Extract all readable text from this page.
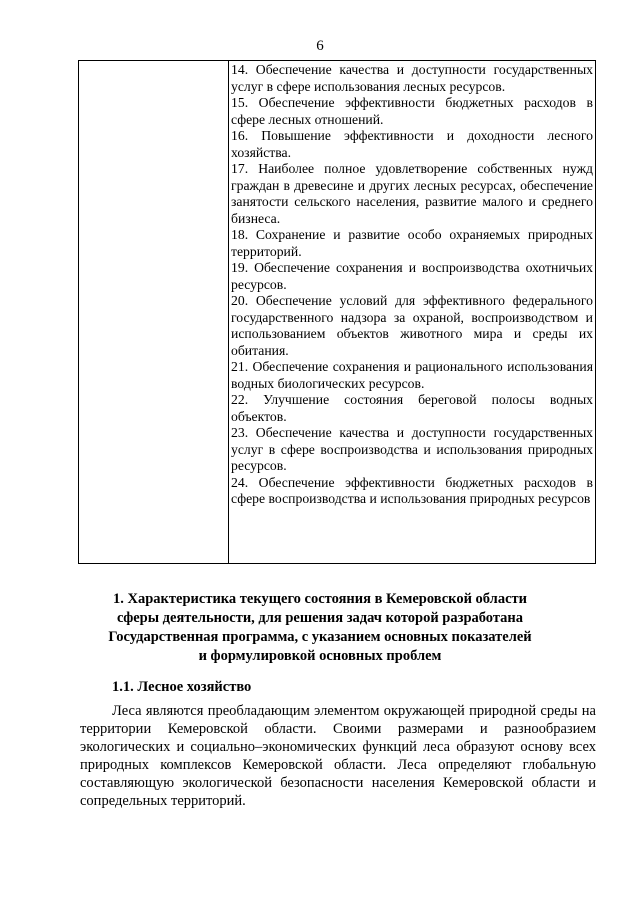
6

14. Обеспечение качества и доступности государственных услуг в сфере использования лесных ресурсов.

15. Обеспечение эффективности бюджетных расходов в сфере лесных отношений.

16. Повышение эффективности и доходности лесного хозяйства.

17. Наиболее полное удовлетворение собственных нужд граждан в древесине и других лесных ресурсах, обеспечение занятости сельского населения, развитие малого и среднего бизнеса.

18. Сохранение и развитие особо охраняемых природных территорий.

19. Обеспечение сохранения и воспроизводства охотничьих ресурсов.

20. Обеспечение условий для эффективного федерального государственного надзора за охраной, воспроизводством и использованием объектов животного мира и среды их обитания.

21. Обеспечение сохранения и рационального использования водных биологических ресурсов.

22. Улучшение состояния береговой полосы водных объектов.

23. Обеспечение качества и доступности государственных услуг в сфере воспроизводства и использования природных ресурсов.

24. Обеспечение эффективности бюджетных расходов в сфере воспроизводства и использования природных ресурсов

1. Характеристика текущего состояния в Кемеровской области
сферы деятельности, для решения задач которой разработана
Государственная программа, с указанием основных показателей
и формулировкой основных проблем
1.1. Лесное хозяйство

Леса являются преобладающим элементом окружающей природной среды на территории Кемеровской области. Своими размерами и разнообразием экологических и социально–экономических функций леса образуют основу всех природных комплексов Кемеровской области. Леса определяют глобальную составляющую экологической безопасности населения Кемеровской области и сопредельных территорий.
